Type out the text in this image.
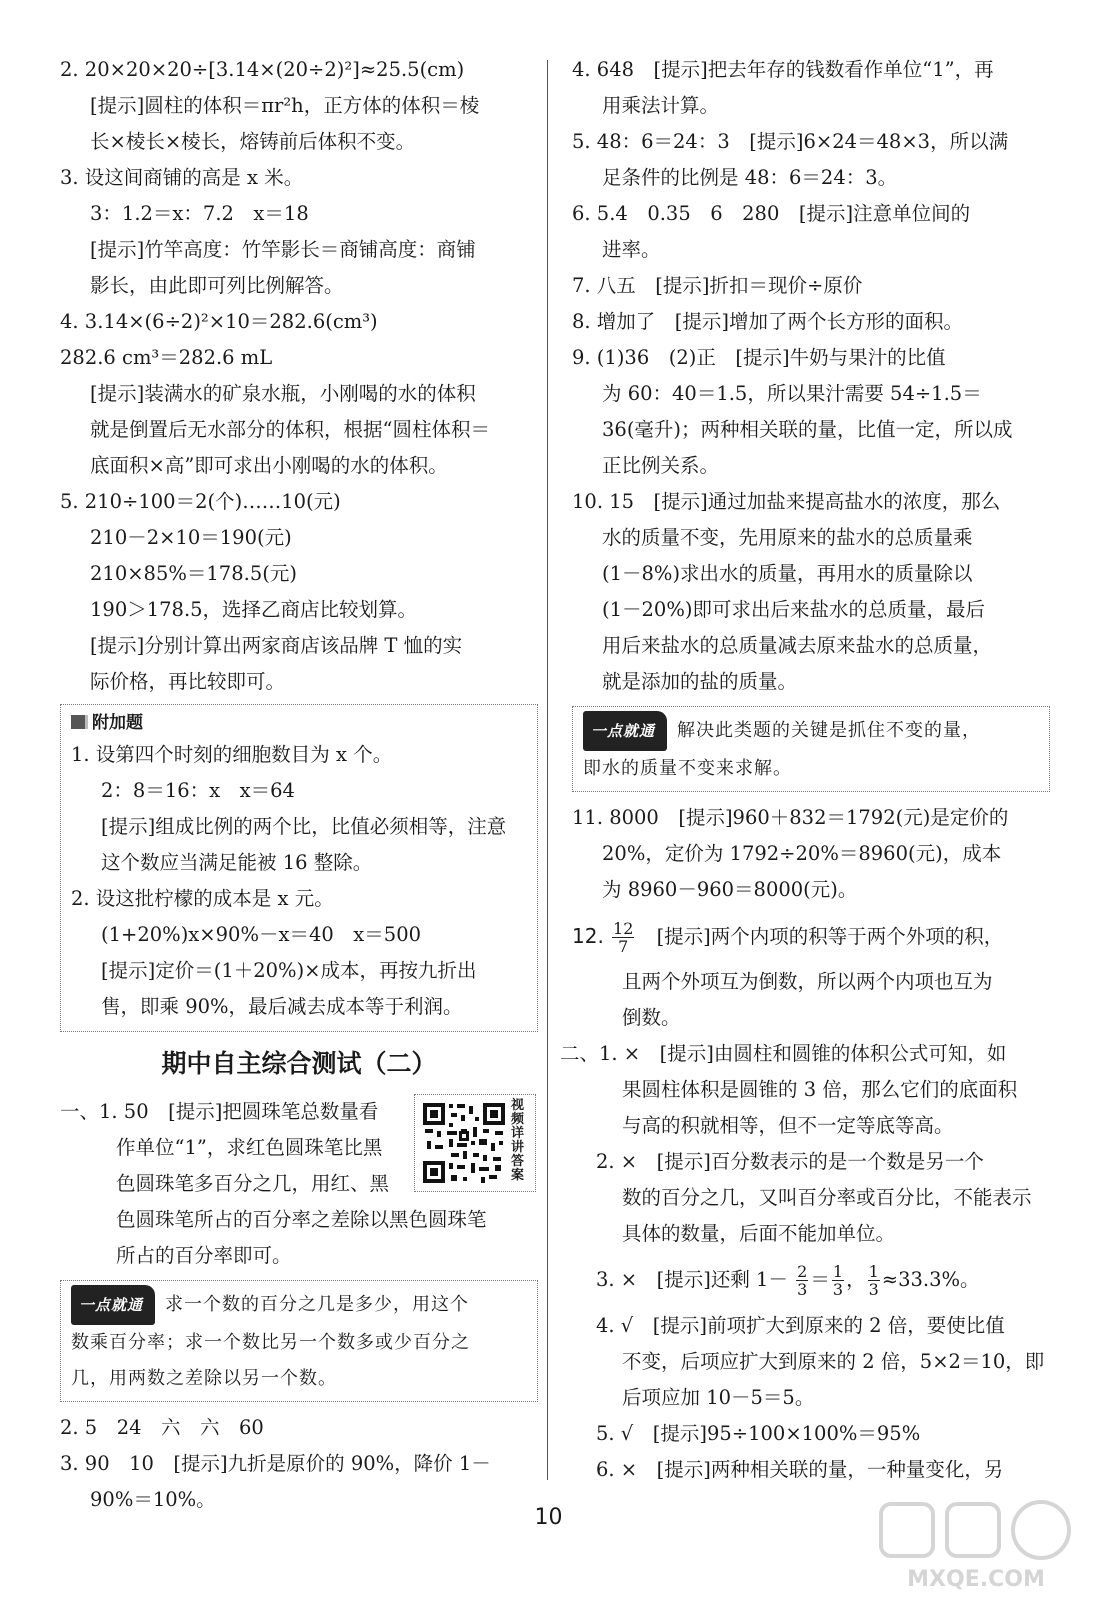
2. 20×20×20÷[3.14×(20÷2)²]≈25.5(cm)
[提示]圆柱的体积＝πr²h，正方体的体积＝棱
长×棱长×棱长，熔铸前后体积不变。
3. 设这间商铺的高是 x 米。
3：1.2＝x：7.2　x＝18
[提示]竹竿高度：竹竿影长＝商铺高度：商铺
影长，由此即可列比例解答。
4. 3.14×(6÷2)²×10＝282.6(cm³)
282.6 cm³＝282.6 mL
[提示]装满水的矿泉水瓶，小刚喝的水的体积
就是倒置后无水部分的体积，根据“圆柱体积＝
底面积×高”即可求出小刚喝的水的体积。
5. 210÷100＝2(个)……10(元)
210－2×10＝190(元)
210×85%＝178.5(元)
190＞178.5，选择乙商店比较划算。
[提示]分别计算出两家商店该品牌 T 恤的实
际价格，再比较即可。
附加题
1. 设第四个时刻的细胞数目为 x 个。
2：8＝16：x　x＝64
[提示]组成比例的两个比，比值必须相等，注意
这个数应当满足能被 16 整除。
2. 设这批柠檬的成本是 x 元。
(1+20%)x×90%－x＝40　x＝500
[提示]定价＝(1＋20%)×成本，再按九折出
售，即乘 90%，最后减去成本等于利润。
期中自主综合测试（二）
一、1. 50　[提示]把圆珠笔总数量看
作单位“1”，求红色圆珠笔比黑
色圆珠笔多百分之几，用红、黑
色圆珠笔所占的百分率之差除以黑色圆珠笔
所占的百分率即可。
视频详讲答案
一点就通 求一个数的百分之几是多少，用这个
数乘百分率；求一个数比另一个数多或少百分之
几，用两数之差除以另一个数。
2. 5　24　六　六　60
3. 90　10　[提示]九折是原价的 90%，降价 1－
90%＝10%。
4. 648　[提示]把去年存的钱数看作单位“1”，再
用乘法计算。
5. 48：6＝24：3　[提示]6×24＝48×3，所以满
足条件的比例是 48：6＝24：3。
6. 5.4　0.35　6　280　[提示]注意单位间的
进率。
7. 八五　[提示]折扣＝现价÷原价
8. 增加了　[提示]增加了两个长方形的面积。
9. (1)36　(2)正　[提示]牛奶与果汁的比值
为 60：40＝1.5，所以果汁需要 54÷1.5＝
36(毫升)；两种相关联的量，比值一定，所以成
正比例关系。
10. 15　[提示]通过加盐来提高盐水的浓度，那么
水的质量不变，先用原来的盐水的总质量乘
(1－8%)求出水的质量，再用水的质量除以
(1－20%)即可求出后来盐水的总质量，最后
用后来盐水的总质量减去原来盐水的总质量，
就是添加的盐的质量。
一点就通 解决此类题的关键是抓住不变的量，
即水的质量不变来求解。
11. 8000　[提示]960＋832＝1792(元)是定价的
20%，定价为 1792÷20%＝8960(元)，成本
为 8960－960＝8000(元)。
12. $\frac{12}{7}$ [提示]两个内项的积等于两个外项的积，
且两个外项互为倒数，所以两个内项也互为
倒数。
二、1. ×　[提示]由圆柱和圆锥的体积公式可知，如
果圆柱体积是圆锥的 3 倍，那么它们的底面积
与高的积就相等，但不一定等底等高。
2. ×　[提示]百分数表示的是一个数是另一个
数的百分之几，又叫百分率或百分比，不能表示
具体的数量，后面不能加单位。
3. ×　[提示]还剩 $1- \frac{2}{3} = \frac{1}{3}$ ， $\frac{1}{3} \approx 33.3\%$。
4. √　[提示]前项扩大到原来的 2 倍，要使比值
不变，后项应扩大到原来的 2 倍，5×2＝10，即
后项应加 10－5＝5。
5. √　[提示]95÷100×100%＝95%
6. ×　[提示]两种相关联的量，一种量变化，另
10
MXQE.COM
